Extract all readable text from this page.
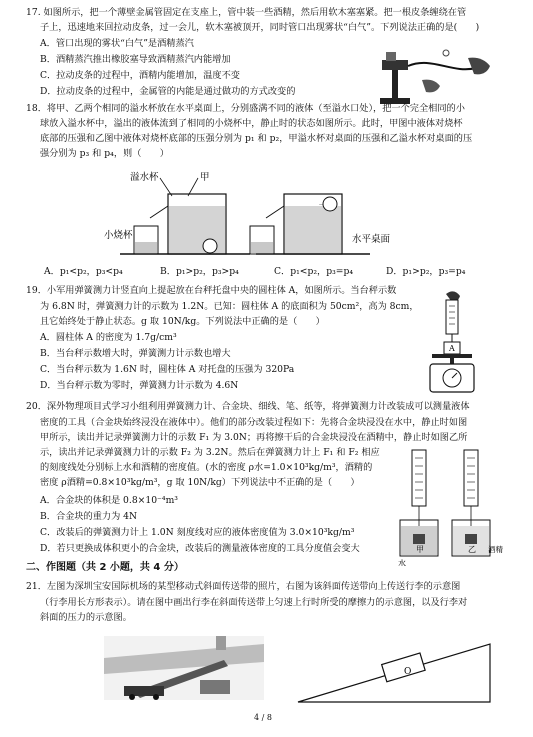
17. 如图所示，把一个薄壁金属管固定在支座上，管中装一些酒精，然后用软木塞塞紧。把一根皮条缠绕在管
子上，迅速地来回拉动皮条，过一会儿，软木塞被顶开，同时管口出现雾状“白气”。下列说法正确的是(　　)
A．管口出现的雾状“白气”是酒精蒸汽
B．酒精蒸汽推出橡胶塞导致酒精蒸汽内能增加
C．拉动皮条的过程中，酒精内能增加，温度不变
D．拉动皮条的过程中，金属管的内能是通过做功的方式改变的
18．将甲、乙两个相同的溢水杯放在水平桌面上，分别盛满不同的液体（至溢水口处），把一个完全相同的小
球放入溢水杯中，溢出的液体流到了相同的小烧杯中，静止时的状态如图所示。此时，甲图中液体对烧杯
底部的压强和乙图中液体对烧杯底部的压强分别为 p₁ 和 p₂，甲溢水杯对桌面的压强和乙溢水杯对桌面的压
强分别为 p₃ 和 p₄，则（　　）
溢水杯	甲
小烧杯	水平桌面
A．p₁<p₂，p₃<p₄	B．p₁>p₂，p₃>p₄	C．p₁<p₂，p₃=p₄	D．p₁>p₂，p₃=p₄
19．小军用弹簧测力计竖直向上提起放在台秤托盘中央的圆柱体 A，如图所示。当台秤示数
为 6.8N 时，弹簧测力计的示数为 1.2N。已知：圆柱体 A 的底面积为 50cm²，高为 8cm，
且它始终处于静止状态。g 取 10N/kg。下列说法中正确的是（　　）
A．圆柱体 A 的密度为 1.7g/cm³
B．当台秤示数增大时，弹簧测力计示数也增大
C．当台秤示数为 1.6N 时，圆柱体 A 对托盘的压强为 320Pa
D．当台秤示数为零时，弹簧测力计示数为 4.6N
A
20．深外物理项目式学习小组利用弹簧测力计、合金块、细线、笔、纸等，将弹簧测力计改装成可以测量液体
密度的工具（合金块始终浸没在液体中）。他们的部分改装过程如下：先将合金块浸没在水中，静止时如图
甲所示，读出并记录弹簧测力计的示数 F₁ 为 3.0N；再将擦干后的合金块浸没在酒精中，静止时如图乙所
示，读出并记录弹簧测力计的示数 F₂ 为 3.2N。然后在弹簧测力计上 F₁ 和 F₂ 相应
的刻度线处分别标上水和酒精的密度值。(水的密度 ρ水=1.0×10³kg/m³，酒精的
密度 ρ酒精=0.8×10³kg/m³，g 取 10N/kg）下列说法中不正确的是（　　）
A．合金块的体积是 0.8×10⁻⁴m³
B．合金块的重力为 4N
C．改装后的弹簧测力计上 1.0N 刻度线对应的液体密度值为 3.0×10³kg/m³
D．若只更换成体积更小的合金块，改装后的测量液体密度的工具分度值会变大	甲
水
乙 酒精
二、作图题（共 2 小题，共 4 分）
21．左图为深圳宝安国际机场的某型移动式斜面传送带的照片，右图为该斜面传送带向上传送行李的示意图
（行李用长方形表示）。请在图中画出行李在斜面传送带上匀速上行时所受的摩擦力的示意图，以及行李对
斜面的压力的示意图。
O
4 / 8
